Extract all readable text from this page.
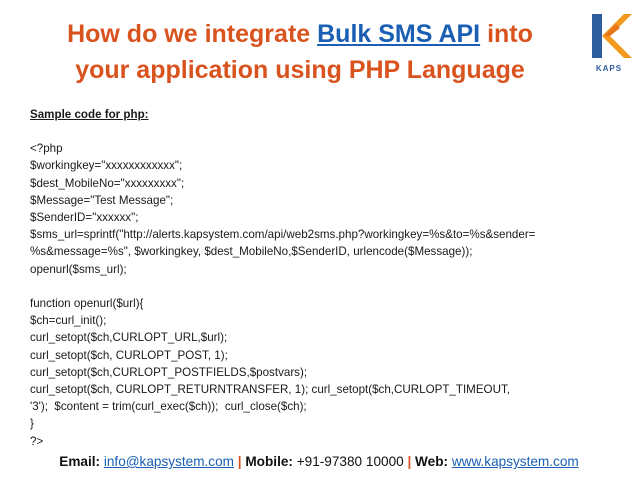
How do we integrate Bulk SMS API into
your application using PHP Language	KAPS
Sample code for php:
<?php
$workingkey="xxxxxxxxxxxx";
$dest_MobileNo="xxxxxxxxx";
$Message="Test Message";
$SenderID="xxxxxx";
$sms_url=sprintf("http://alerts.kapsystem.com/api/web2sms.php?workingkey=%s&to=%s&sender=
%s&message=%s", $workingkey, $dest_MobileNo,$SenderID, urlencode($Message));
openurl($sms_url);
function openurl($url){
$ch=curl_init();
curl_setopt($ch,CURLOPT_URL,$url);
curl_setopt($ch, CURLOPT_POST, 1);
curl_setopt($ch,CURLOPT_POSTFIELDS,$postvars);
curl_setopt($ch, CURLOPT_RETURNTRANSFER, 1); curl_setopt($ch,CURLOPT_TIMEOUT,
'3');  $content = trim(curl_exec($ch));  curl_close($ch);
}
?>
Email: info@kapsystem.com | Mobile: +91-97380 10000 | Web: www.kapsystem.com
